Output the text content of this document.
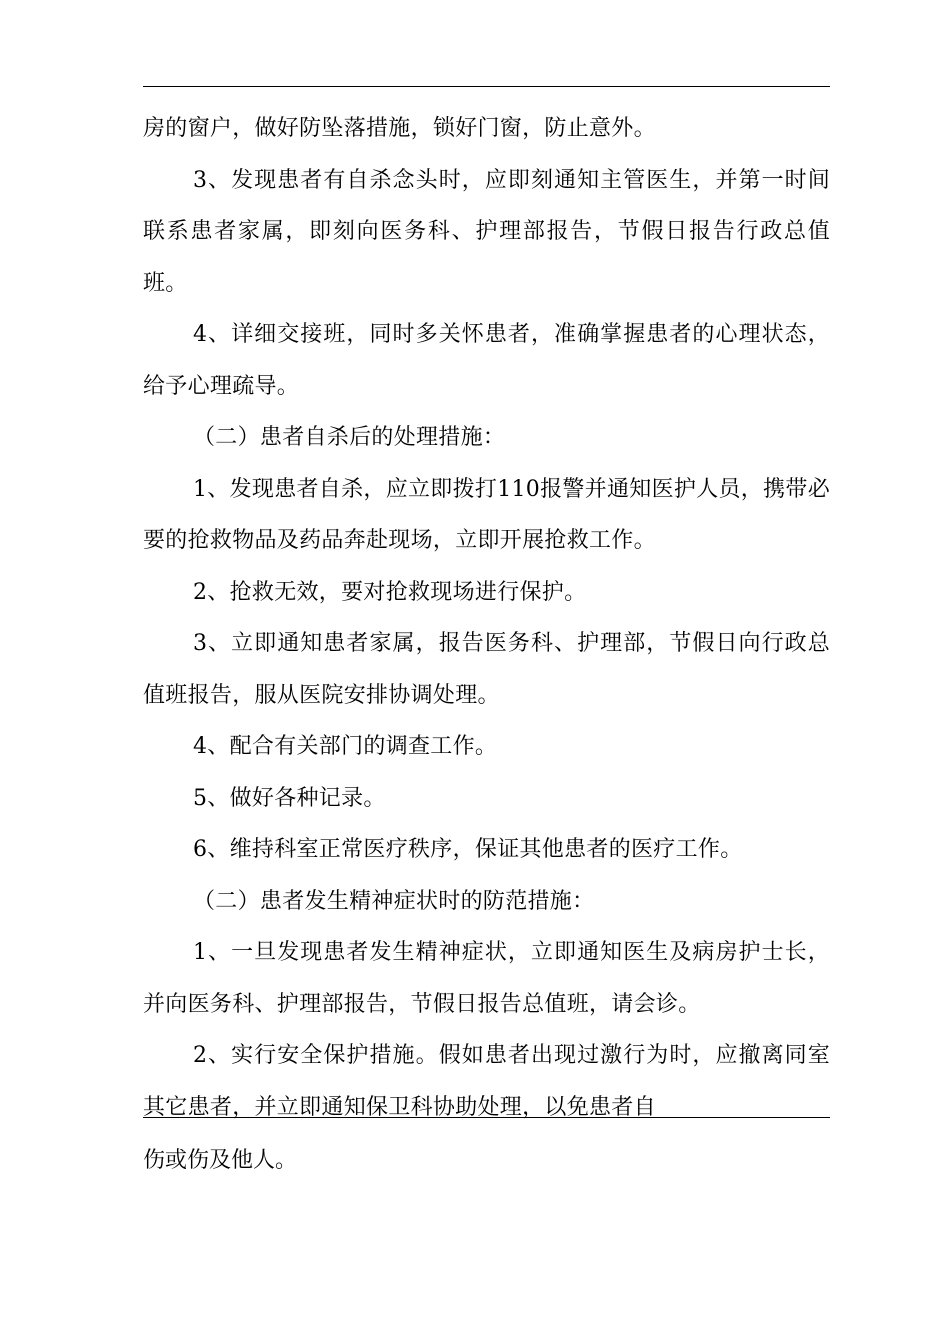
房的窗户，做好防坠落措施，锁好门窗，防止意外。

3、发现患者有自杀念头时，应即刻通知主管医生，并第一时间联系患者家属，即刻向医务科、护理部报告，节假日报告行政总值班。

4、详细交接班，同时多关怀患者，准确掌握患者的心理状态，给予心理疏导。

（二）患者自杀后的处理措施：

1、发现患者自杀，应立即拨打110报警并通知医护人员，携带必要的抢救物品及药品奔赴现场，立即开展抢救工作。

2、抢救无效，要对抢救现场进行保护。

3、立即通知患者家属，报告医务科、护理部，节假日向行政总值班报告，服从医院安排协调处理。

4、配合有关部门的调查工作。

5、做好各种记录。

6、维持科室正常医疗秩序，保证其他患者的医疗工作。

（二）患者发生精神症状时的防范措施：

1、一旦发现患者发生精神症状，立即通知医生及病房护士长，并向医务科、护理部报告，节假日报告总值班，请会诊。

2、实行安全保护措施。假如患者出现过激行为时，应撤离同室其它患者，并立即通知保卫科协助处理，以免患者自

伤或伤及他人。
